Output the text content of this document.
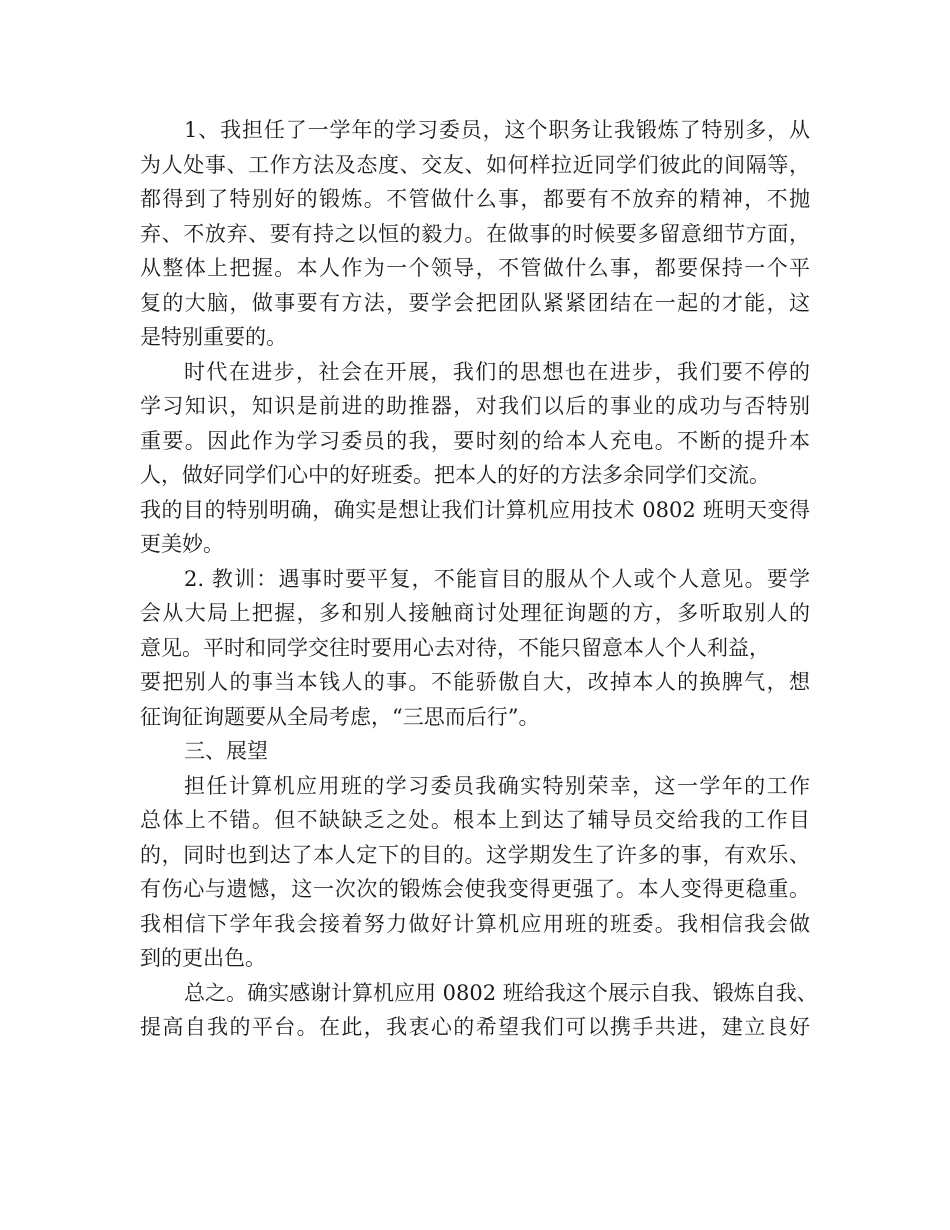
1、我担任了一学年的学习委员，这个职务让我锻炼了特别多，从
为人处事、工作方法及态度、交友、如何样拉近同学们彼此的间隔等，
都得到了特别好的锻炼。不管做什么事，都要有不放弃的精神，不抛
弃、不放弃、要有持之以恒的毅力。在做事的时候要多留意细节方面，
从整体上把握。本人作为一个领导，不管做什么事，都要保持一个平
复的大脑，做事要有方法，要学会把团队紧紧团结在一起的才能，这
是特别重要的。
时代在进步，社会在开展，我们的思想也在进步，我们要不停的
学习知识，知识是前进的助推器，对我们以后的事业的成功与否特别
重要。因此作为学习委员的我，要时刻的给本人充电。不断的提升本
人，做好同学们心中的好班委。把本人的好的方法多余同学们交流。
我的目的特别明确，确实是想让我们计算机应用技术 0802 班明天变得
更美妙。
2. 教训：遇事时要平复，不能盲目的服从个人或个人意见。要学
会从大局上把握，多和别人接触商讨处理征询题的方，多听取别人的
意见。平时和同学交往时要用心去对待，不能只留意本人个人利益，
要把别人的事当本钱人的事。不能骄傲自大，改掉本人的换脾气，想
征询征询题要从全局考虑，“三思而后行”。
三、展望
担任计算机应用班的学习委员我确实特别荣幸，这一学年的工作
总体上不错。但不缺缺乏之处。根本上到达了辅导员交给我的工作目
的，同时也到达了本人定下的目的。这学期发生了许多的事，有欢乐、
有伤心与遗憾，这一次次的锻炼会使我变得更强了。本人变得更稳重。
我相信下学年我会接着努力做好计算机应用班的班委。我相信我会做
到的更出色。
总之。确实感谢计算机应用 0802 班给我这个展示自我、锻炼自我、
提高自我的平台。在此，我衷心的希望我们可以携手共进，建立良好
